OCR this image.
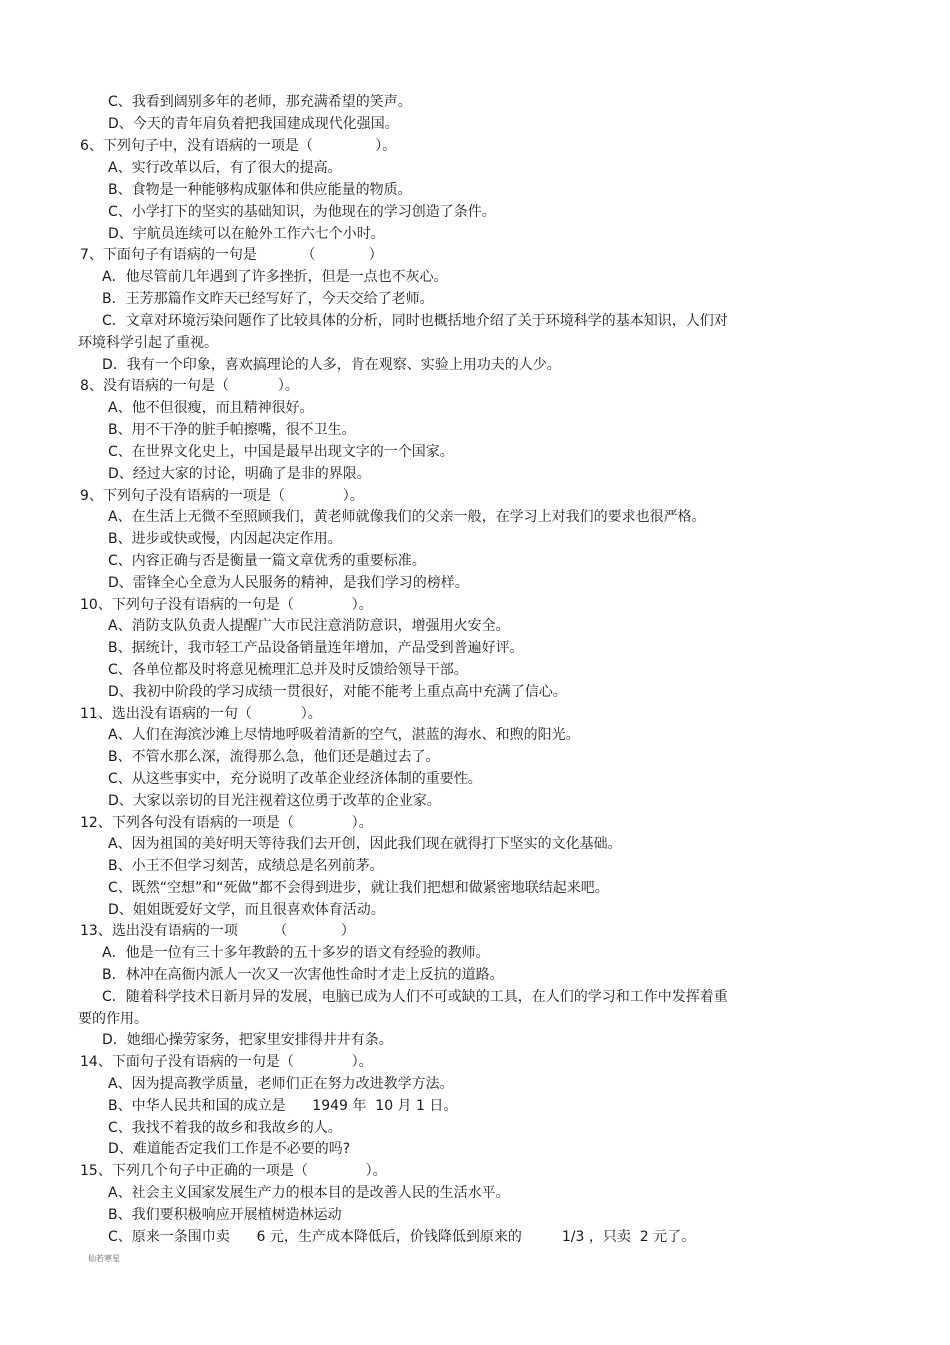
C、我看到阔别多年的老师，那充满希望的笑声。
D、今天的青年肩负着把我国建成现代化强国。
6、下列句子中，没有语病的一项是（              ）。
A、实行改革以后，有了很大的提高。
B、食物是一种能够构成躯体和供应能量的物质。
C、小学打下的坚实的基础知识，为他现在的学习创造了条件。
D、宇航员连续可以在舱外工作六七个小时。
7、下面句子有语病的一句是          （            ）
A．他尽管前几年遇到了许多挫折，但是一点也不灰心。
B．王芳那篇作文昨天已经写好了，今天交给了老师。
C．文章对环境污染问题作了比较具体的分析，同时也概括地介绍了关于环境科学的基本知识，人们对
环境科学引起了重视。
D．我有一个印象，喜欢搞理论的人多，肯在观察、实验上用功夫的人少。
8、没有语病的一句是（           ）。
A、他不但很瘦，而且精神很好。
B、用不干净的脏手帕擦嘴，很不卫生。
C、在世界文化史上，中国是最早出现文字的一个国家。
D、经过大家的讨论，明确了是非的界限。
9、下列句子没有语病的一项是（             ）。
A、在生活上无微不至照顾我们，黄老师就像我们的父亲一般，在学习上对我们的要求也很严格。
B、进步或快或慢，内因起决定作用。
C、内容正确与否是衡量一篇文章优秀的重要标准。
D、雷锋全心全意为人民服务的精神，是我们学习的榜样。
10、下列句子没有语病的一句是（             ）。
A、消防支队负责人提醒广大市民注意消防意识，增强用火安全。
B、据统计，我市轻工产品设备销量连年增加，产品受到普遍好评。
C、各单位都及时将意见梳理汇总并及时反馈给领导干部。
D、我初中阶段的学习成绩一贯很好，对能不能考上重点高中充满了信心。
11、选出没有语病的一句（           ）。
A、人们在海滨沙滩上尽情地呼吸着清新的空气，湛蓝的海水、和煦的阳光。
B、不管水那么深，流得那么急，他们还是趟过去了。
C、从这些事实中，充分说明了改革企业经济体制的重要性。
D、大家以亲切的目光注视着这位勇于改革的企业家。
12、下列各句没有语病的一项是（             ）。
A、因为祖国的美好明天等待我们去开创，因此我们现在就得打下坚实的文化基础。
B、小王不但学习刻苦，成绩总是名列前茅。
C、既然“空想”和“死做”都不会得到进步，就让我们把想和做紧密地联结起来吧。
D、姐姐既爱好文学，而且很喜欢体育活动。
13、选出没有语病的一项        （            ）
A．他是一位有三十多年教龄的五十多岁的语文有经验的教师。
B．林冲在高衙内派人一次又一次害他性命时才走上反抗的道路。
C．随着科学技术日新月异的发展，电脑已成为人们不可或缺的工具，在人们的学习和工作中发挥着重
要的作用。
D．她细心操劳家务，把家里安排得井井有条。
14、下面句子没有语病的一句是（             ）。
A、因为提高教学质量，老师们正在努力改进教学方法。
B、中华人民共和国的成立是      1949 年  10 月 1 日。
C、我找不着我的故乡和我故乡的人。
D、难道能否定我们工作是不必要的吗?
15、下列几个句子中正确的一项是（             ）。
A、社会主义国家发展生产力的根本目的是改善人民的生活水平。
B、我们要积极响应开展植树造林运动
C、原来一条围巾卖      6 元，生产成本降低后，价钱降低到原来的         1/3 ，只卖  2 元了。
仙若寒星
